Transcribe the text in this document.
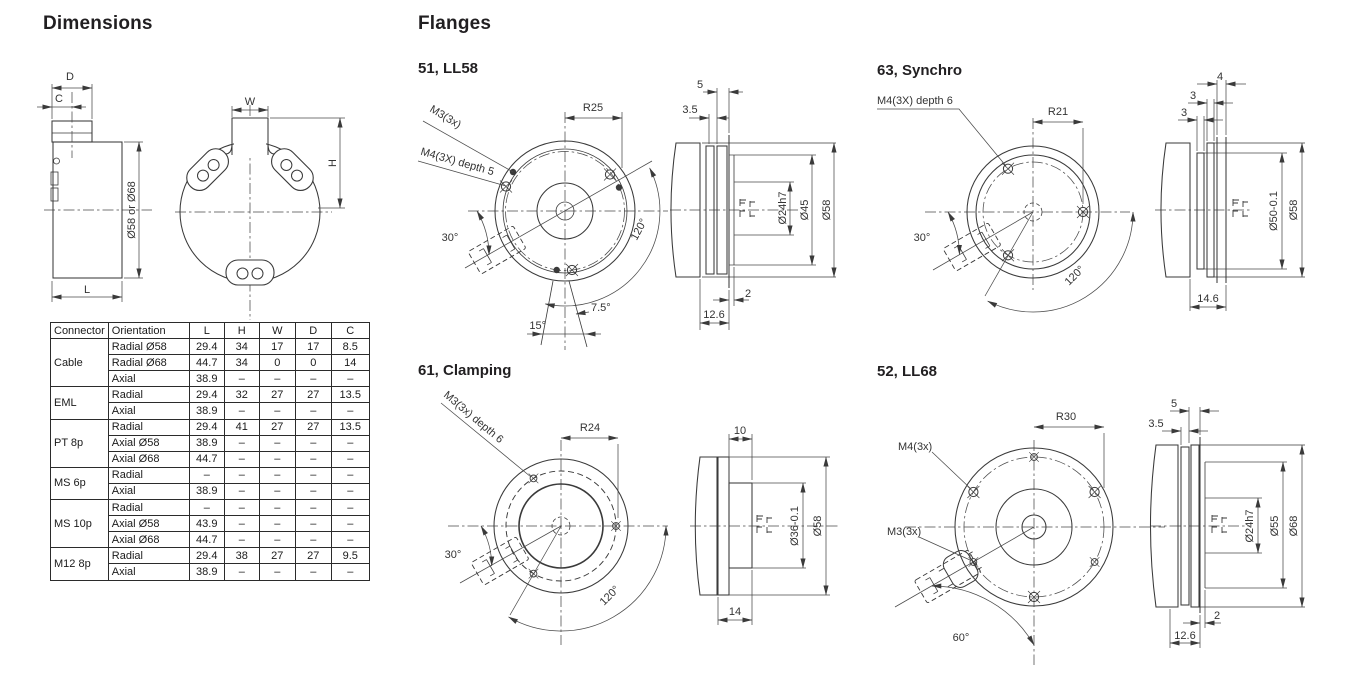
Dimensions	Flanges
51, LL58	63, Synchro
61, Clamping	52, LL68
D
C
Ø58 or Ø68
L
W
H
Connector	Orientation	L	H	W	D	C
Cable	Radial Ø58	29.4	34	17	17	8.5
	Radial Ø68	44.7	34	0	0	14
	Axial	38.9	–	–	–	–
EML	Radial	29.4	32	27	27	13.5
	Axial	38.9	–	–	–	–
PT 8p	Radial	29.4	41	27	27	13.5
	Axial Ø58	38.9	–	–	–	–
	Axial Ø68	44.7	–	–	–	–
MS 6p	Radial	–	–	–	–	–
	Axial	38.9	–	–	–	–
MS 10p	Radial	–	–	–	–	–
	Axial Ø58	43.9	–	–	–	–
	Axial Ø68	44.7	–	–	–	–
M12 8p	Radial	29.4	38	27	27	9.5
	Axial	38.9	–	–	–	–
M3(3x)
M4(3X) depth 5
R25
120°
30°
15°
7.5°
Ø24h7 Ø45 Ø58
5
3.5
2
12.6
M4(3X) depth 6
R21
30°
120°
Ø50-0.1 Ø58
4
3
3
14.6
M3(3x) depth 6	R24
30°
120°
Ø36-0.1 Ø58
10
14
M4(3x)
M3(3x)
R30
60°
Ø24h7 Ø55 Ø68
5
3.5
2
12.6
